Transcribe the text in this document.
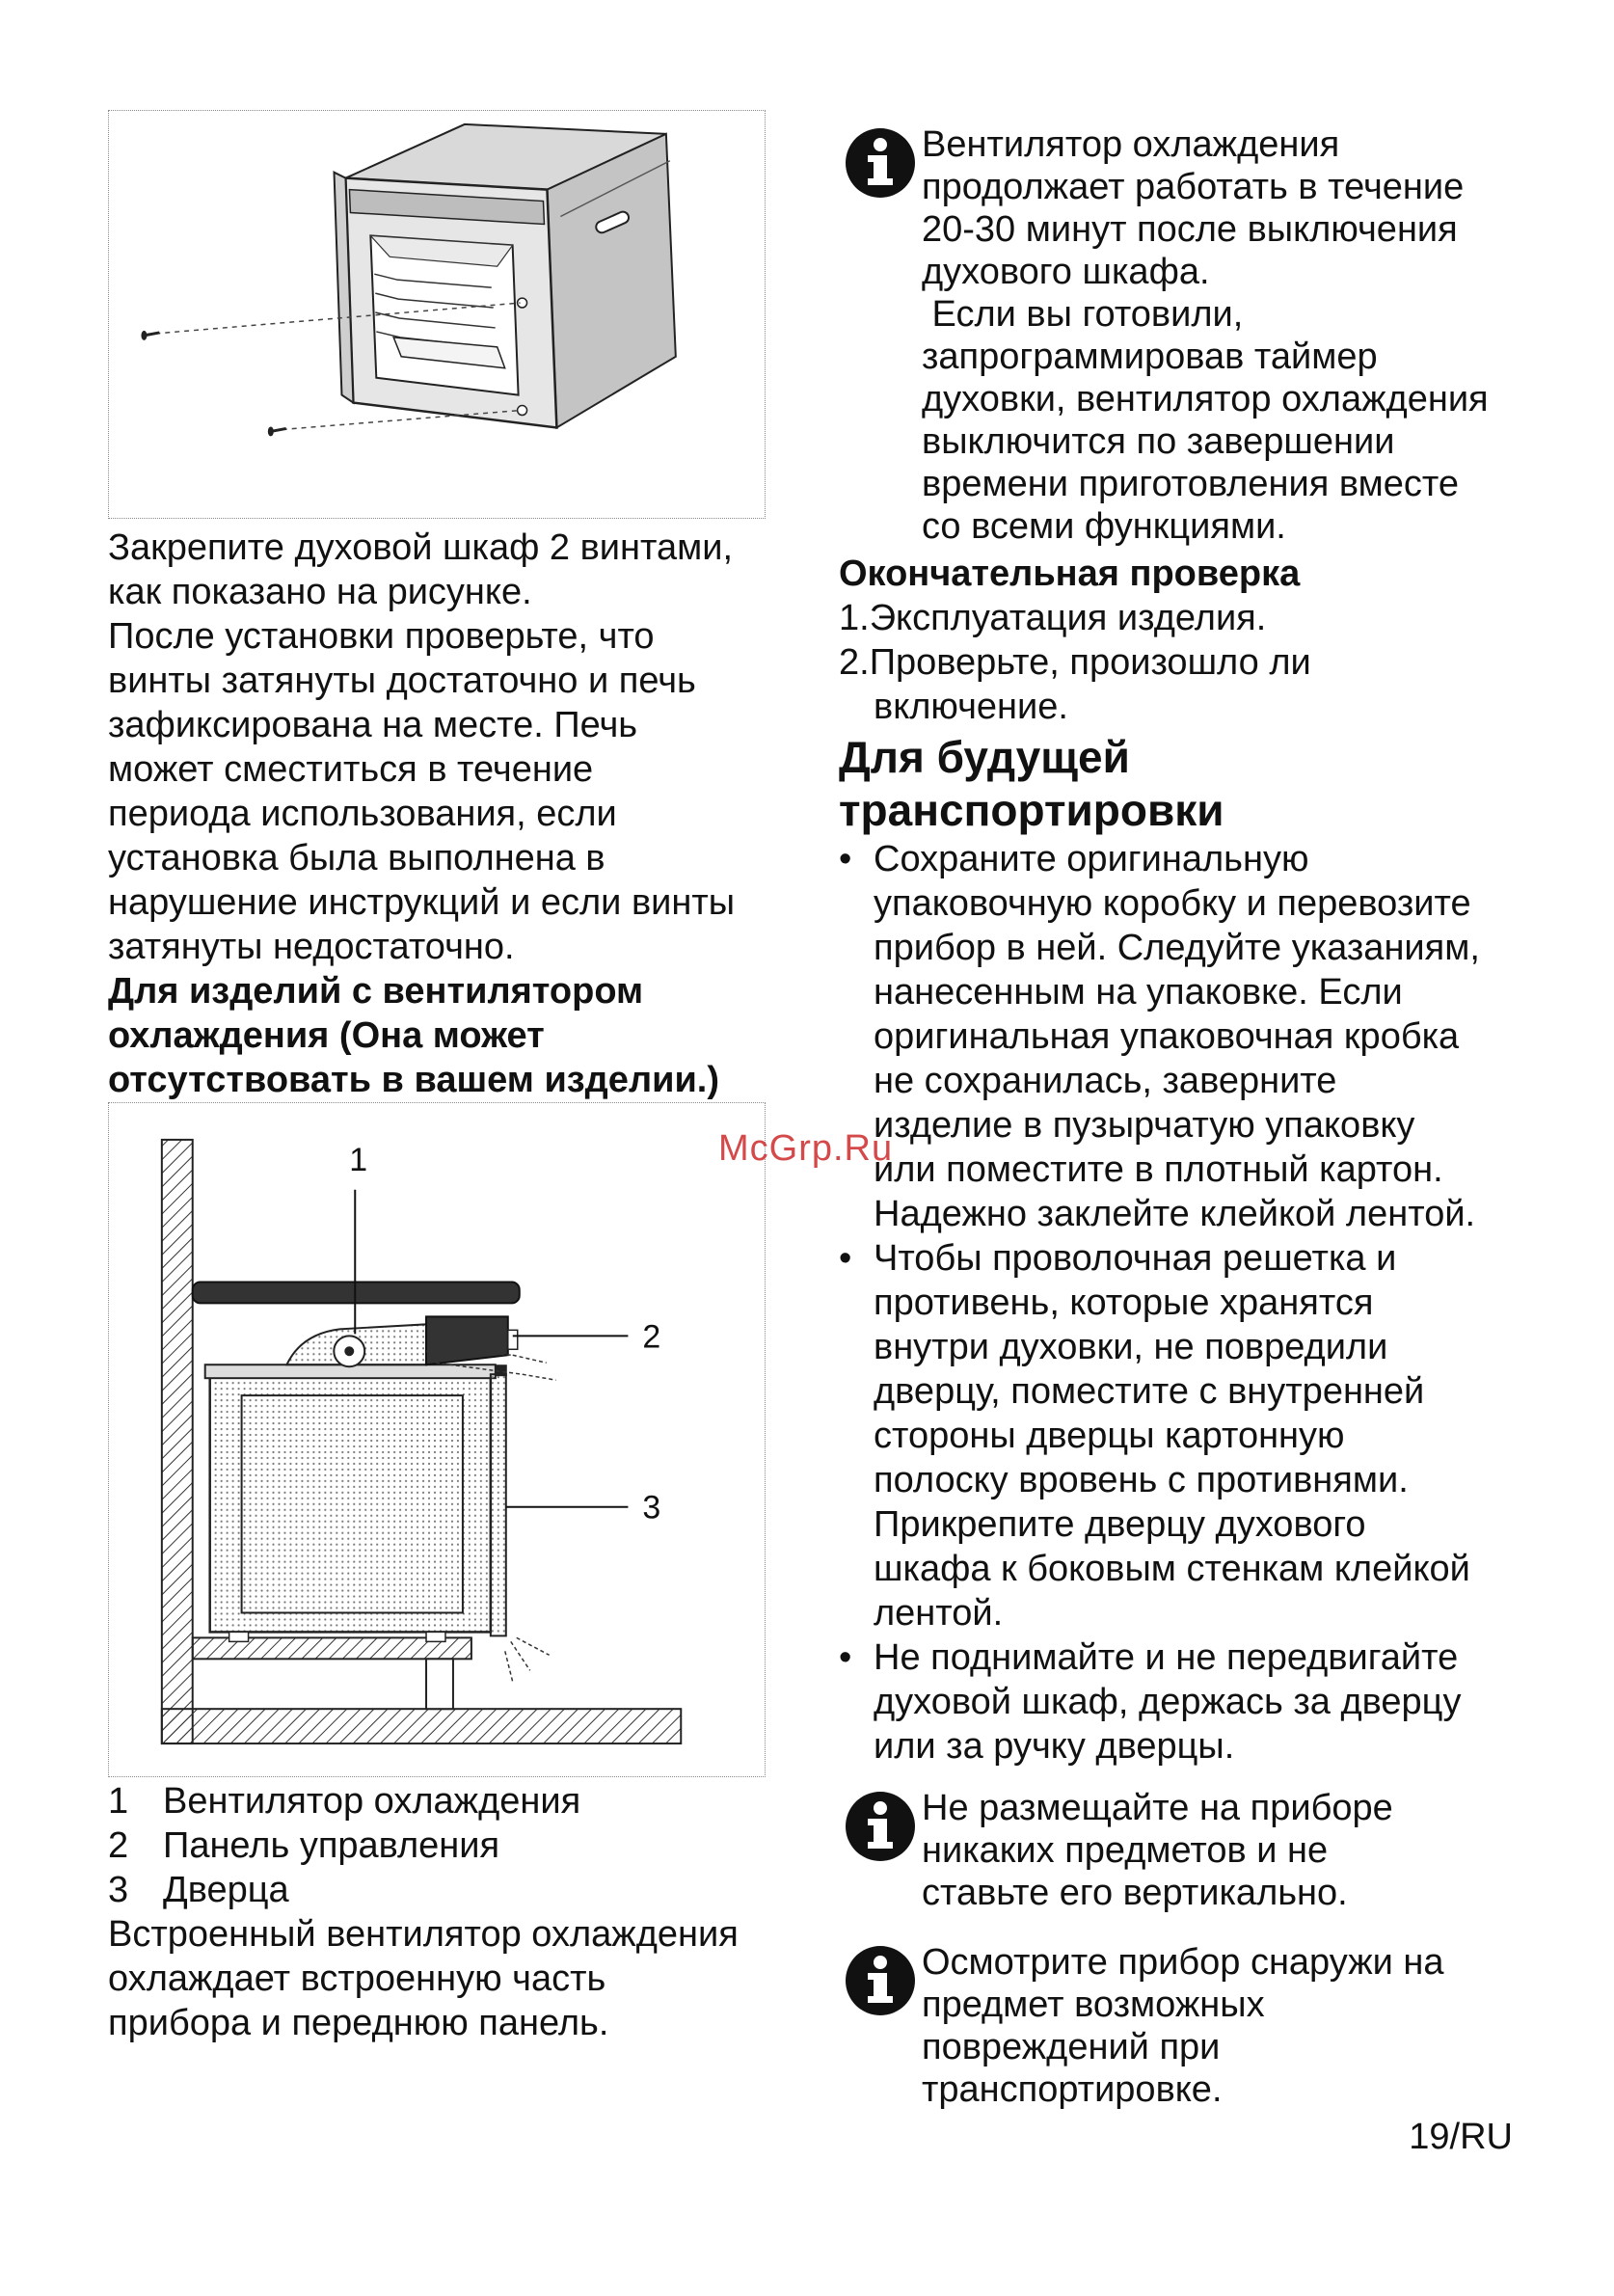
Закрепите духовой шкаф 2 винтами,

как показано на рисунке.

После установки проверьте, что

винты затянуты достаточно и печь

зафиксирована на месте. Печь

может сместиться в течение

периода использования, если

установка была выполнена в

нарушение инструкций и если винты

затянуты недостаточно.

Для изделий с вентилятором

охлаждения (Она может

отсутствовать в вашем изделии.)

1
2
3
1 Вентилятор охлаждения
2 Панель управления
3 Дверца

Встроенный вентилятор охлаждения

охлаждает встроенную часть

прибора и переднюю панель.

Вентилятор охлаждения

продолжает работать в течение

20-30 минут после выключения

духового шкафа.

Если вы готовили,

запрограммировав таймер

духовки, вентилятор охлаждения

выключится по завершении

времени приготовления вместе

со всеми функциями.

Окончательная проверка

1. Эксплуатация изделия.
2. Проверьте, произошло ли

включение.

Для будущей

транспортировки

• Сохраните оригинальную

упаковочную коробку и перевозите

прибор в ней. Следуйте указаниям,

нанесенным на упаковке. Если

оригинальная упаковочная кробка

не сохранилась, заверните

изделие в пузырчатую упаковку

или поместите в плотный картон.

Надежно заклейте клейкой лентой.

• Чтобы проволочная решетка и

противень, которые хранятся

внутри духовки, не повредили

дверцу, поместите с внутренней

стороны дверцы картонную

полоску вровень с противнями.

Прикрепите дверцу духового

шкафа к боковым стенкам клейкой

лентой.

• Не поднимайте и не передвигайте

духовой шкаф, держась за дверцу

или за ручку дверцы.

Не размещайте на приборе

никаких предметов и не

ставьте его вертикально.

Осмотрите прибор снаружи на

предмет возможных

повреждений при

транспортировке.

McGrp.Ru
19/RU
